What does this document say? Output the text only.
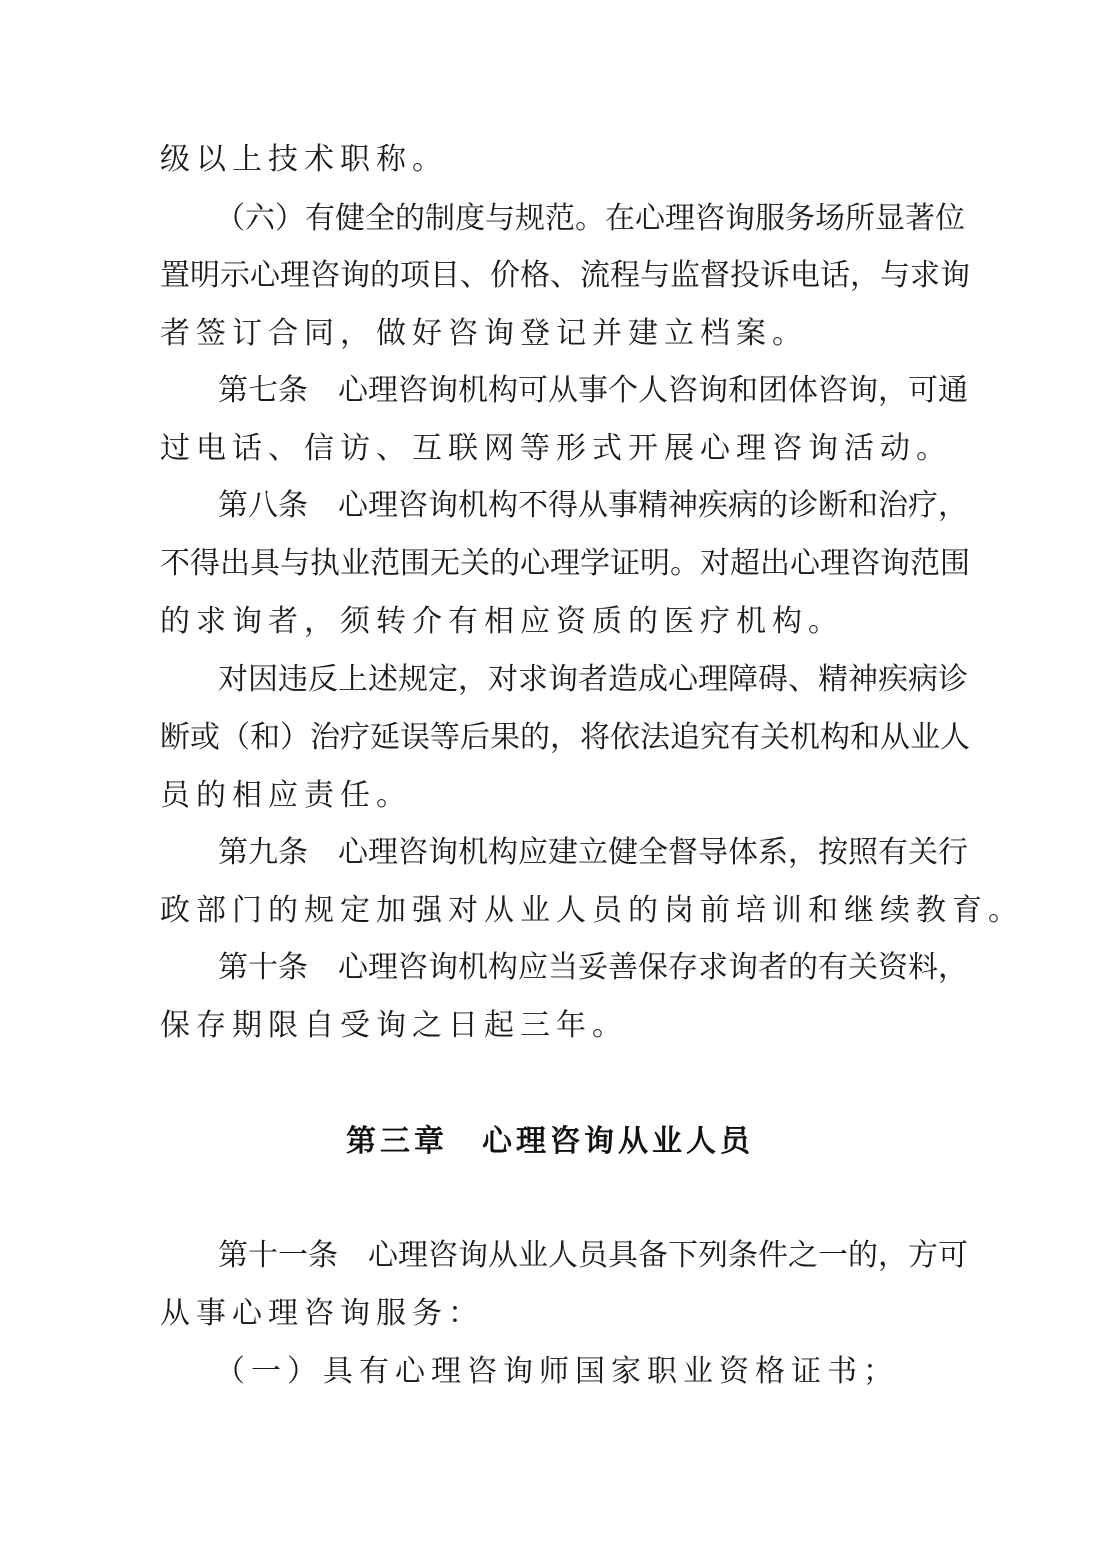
级以上技术职称。
（六）有健全的制度与规范。在心理咨询服务场所显著位
置明示心理咨询的项目、价格、流程与监督投诉电话，与求询
者签订合同，做好咨询登记并建立档案。
第七条　心理咨询机构可从事个人咨询和团体咨询，可通
过电话、信访、互联网等形式开展心理咨询活动。
第八条　心理咨询机构不得从事精神疾病的诊断和治疗，
不得出具与执业范围无关的心理学证明。对超出心理咨询范围
的求询者，须转介有相应资质的医疗机构。
对因违反上述规定，对求询者造成心理障碍、精神疾病诊
断或（和）治疗延误等后果的，将依法追究有关机构和从业人
员的相应责任。
第九条　心理咨询机构应建立健全督导体系，按照有关行
政部门的规定加强对从业人员的岗前培训和继续教育。
第十条　心理咨询机构应当妥善保存求询者的有关资料，
保存期限自受询之日起三年。
第三章　心理咨询从业人员
第十一条　心理咨询从业人员具备下列条件之一的，方可
从事心理咨询服务：
（一）具有心理咨询师国家职业资格证书；
